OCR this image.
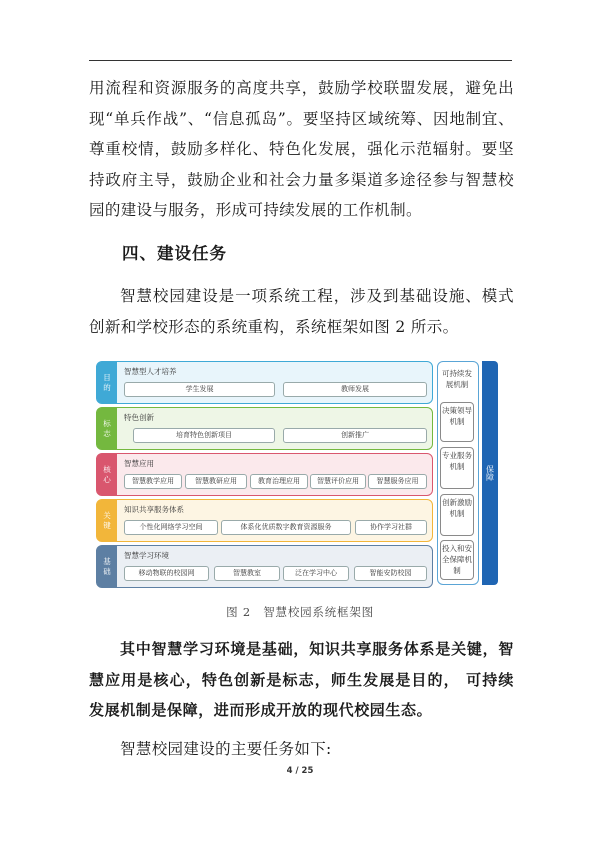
用流程和资源服务的高度共享，鼓励学校联盟发展，避免出现“单兵作战”、“信息孤岛”。要坚持区域统筹、因地制宜、尊重校情，鼓励多样化、特色化发展，强化示范辐射。要坚持政府主导，鼓励企业和社会力量多渠道多途径参与智慧校园的建设与服务，形成可持续发展的工作机制。

四、建设任务

智慧校园建设是一项系统工程，涉及到基础设施、模式创新和学校形态的系统重构，系统框架如图 2 所示。

目
的
智慧型人才培养
学生发展	教师发展
标
志
特色创新
培育特色创新项目	创新推广
核
心
智慧应用
智慧教学应用	智慧教研应用	教育治理应用	智慧评价应用	智慧服务应用
关
键
知识共享服务体系
个性化网络学习空间	体系化优质数字教育资源服务	协作学习社群
基
础
智慧学习环境
移动物联的校园网	智慧教室	泛在学习中心	智能安防校园
可持续发展机制
决策领导机制
专业服务机制
创新激励机制
投入和安全保障机制
保障
图 2　智慧校园系统框架图

其中智慧学习环境是基础，知识共享服务体系是关键，智慧应用是核心，特色创新是标志，师生发展是目的， 可持续发展机制是保障，进而形成开放的现代校园生态。

智慧校园建设的主要任务如下:

4 / 25
